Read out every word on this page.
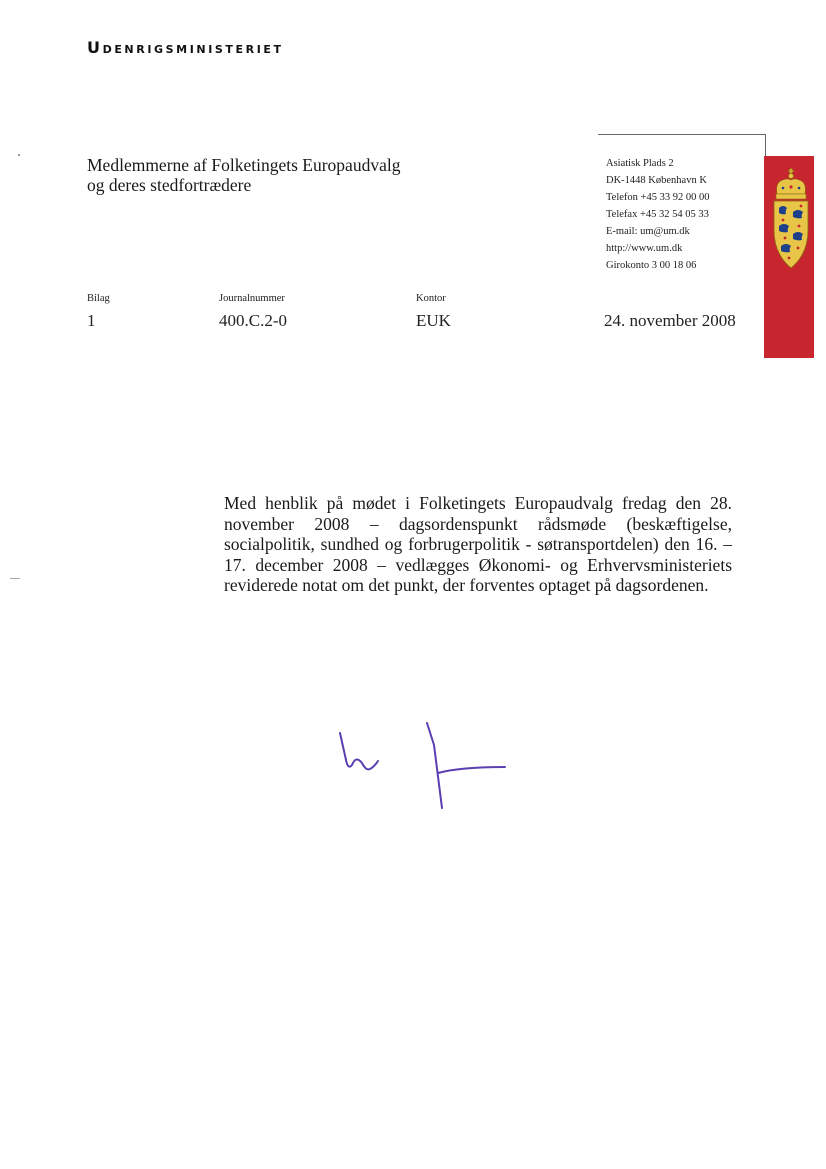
Udenrigsministeriet
Medlemmerne af Folketingets Europaudvalg
og deres stedfortrædere
Asiatisk Plads 2
DK-1448 København K
Telefon +45 33 92 00 00
Telefax +45 32 54 05 33
E-mail: um@um.dk
http://www.um.dk
Girokonto 3 00 18 06
Bilag
1
Journalnummer
400.C.2-0
Kontor
EUK	24. november 2008
Med henblik på mødet i Folketingets Europaudvalg fredag den 28. november 2008 – dagsordenspunkt rådsmøde (beskæftigelse, socialpolitik, sundhed og forbrugerpolitik - søtransportdelen) den 16. – 17. december 2008 – vedlægges Økonomi- og Erhvervsministeriets reviderede notat om det punkt, der forventes optaget på dagsordenen.
